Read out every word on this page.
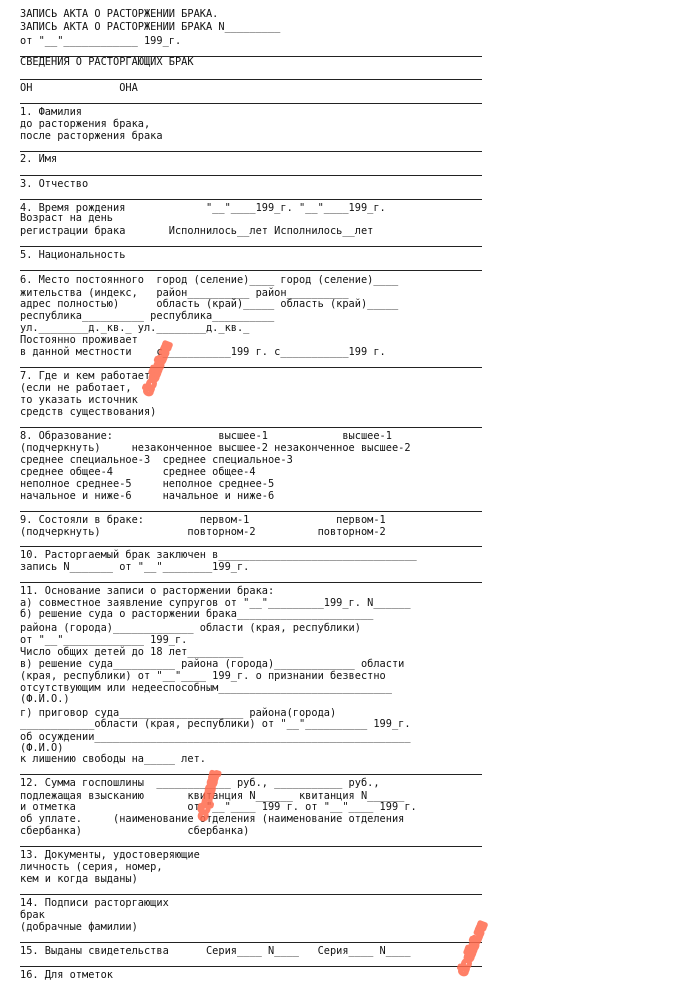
ЗАПИСЬ АКТА О РАСТОРЖЕНИИ БРАКА.
ЗАПИСЬ АКТА О РАСТОРЖЕНИИ БРАКА N_________
от "__"____________ 199_г.
СВЕДЕНИЯ О РАСТОРГАЮЩИХ БРАК
ОН              ОНА
1. Фамилия
до расторжения брака,
после расторжения брака
2. Имя
3. Отчество
4. Время рождения             "__"____199_г. "__"____199_г.
Возраст на день
регистрации брака       Исполнилось__лет Исполнилось__лет
5. Национальность
6. Место постоянного  город (селение)____ город (селение)____
жительства (индекс,   район__________ район__________
адрес полностью)      область (край)_____ область (край)_____
республика__________ республика__________
ул.________д._кв._ ул.________д._кв._
Постоянно проживает
в данной местности    с___________199 г. с___________199 г.
7. Где и кем работает
(если не работает,
то указать источник
средств существования)
8. Образование:                 высшее-1            высшее-1
(подчеркнуть)     незаконченное высшее-2 незаконченное высшее-2
среднее специальное-3  среднее специальное-3
среднее общее-4        среднее общее-4
неполное среднее-5     неполное среднее-5
начальное и ниже-6     начальное и ниже-6
9. Состояли в браке:         первом-1              первом-1
(подчеркнуть)              повторном-2          повторном-2
10. Расторгаемый брак заключен в________________________________
запись N_______ от "__"________199_г.
11. Основание записи о расторжении брака:
а) совместное заявление супругов от "__"_________199_г. N______
б) решение суда о расторжении брака______________________
района (города)_____________ области (края, республики)
от "__"_____________ 199_г.
Число общих детей до 18 лет_________
в) решение суда__________ района (города)_____________ области
(края, республики) от "__"____ 199_г. о признании безвестно
отсутствующим или недееспособным____________________________
(Ф.И.О.)
г) приговор суда____________________ района(города)
____________области (края, республики) от "__"__________ 199_г.
об осуждении___________________________________________________
(Ф.И.О)
к лишению свободы на_____ лет.
12. Сумма госпошлины  ____________ руб., ___________ руб.,
подлежащая взысканию       квитанция N______ квитанция N______
и отметка                  от "__"____ 199 г. от "__"____ 199 г.
об уплате.     (наименование отделения (наименование отделения
сбербанка)                 сбербанка)
13. Документы, удостоверяющие
личность (серия, номер,
кем и когда выданы)
14. Подписи расторгающих
брак
(добрачные фамилии)
15. Выданы свидетельства      Серия____ N____   Серия____ N____
16. Для отметок
doclist.ru
образец
doclist.ru
